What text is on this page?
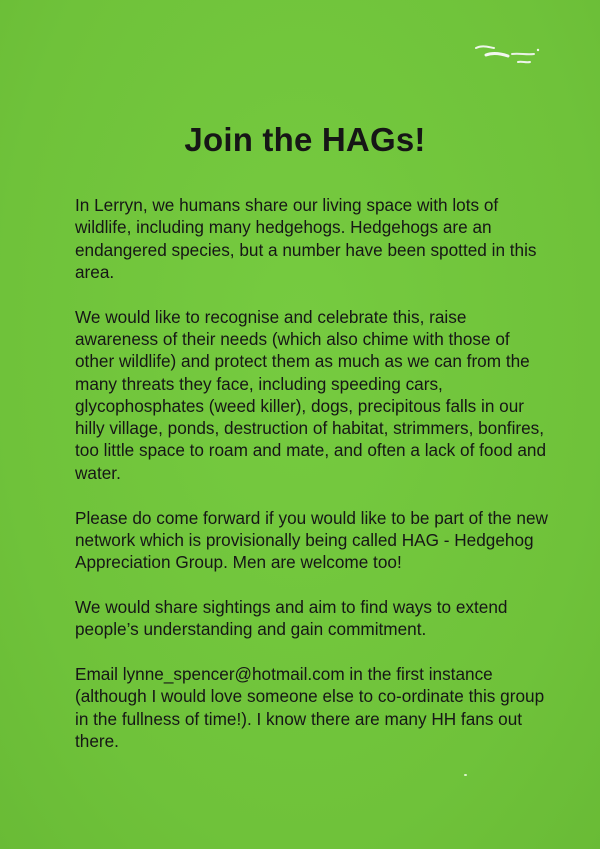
Join the HAGs!

In Lerryn, we humans share our living space with lots of wildlife, including many hedgehogs. Hedgehogs are an endangered species, but a number have been spotted in this area.

We would like to recognise and celebrate this, raise awareness of their needs (which also chime with those of other wildlife) and protect them as much as we can from the many threats they face, including speeding cars, glycophosphates (weed killer), dogs, precipitous falls in our hilly village, ponds, destruction of habitat, strimmers, bonfires, too little space to roam and mate, and often a lack of food and water.

Please do come forward if you would like to be part of the new network which is provisionally being called HAG - Hedgehog Appreciation Group. Men are welcome too!

We would share sightings and aim to find ways to extend people’s understanding and gain commitment.

Email lynne_spencer@hotmail.com in the first instance (although I would love someone else to co-ordinate this group in the fullness of time!). I know there are many HH fans out there.
